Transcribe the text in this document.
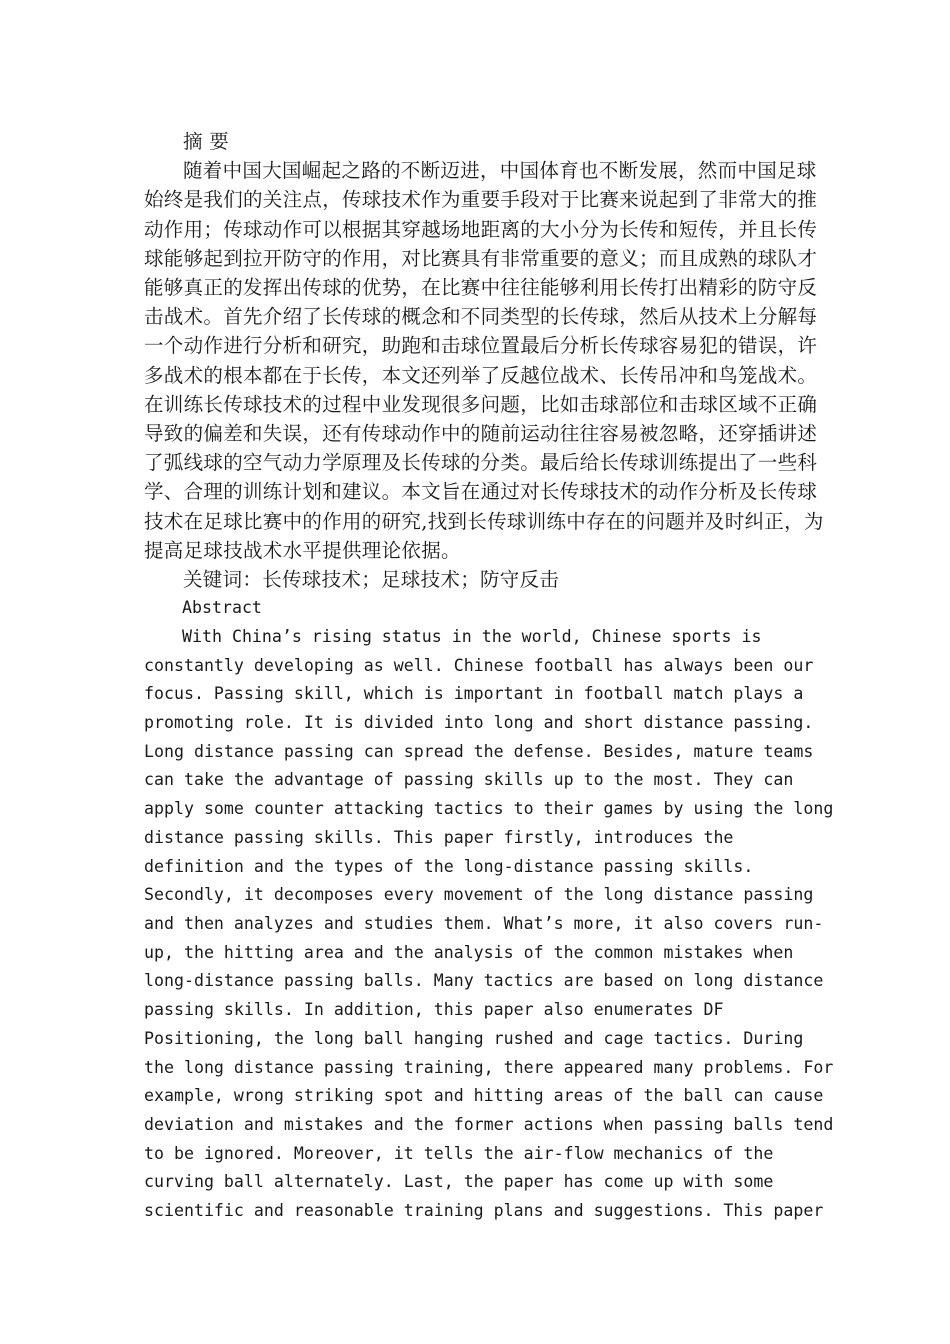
摘 要

随着中国大国崛起之路的不断迈进，中国体育也不断发展，然而中国足球
始终是我们的关注点，传球技术作为重要手段对于比赛来说起到了非常大的推
动作用；传球动作可以根据其穿越场地距离的大小分为长传和短传，并且长传
球能够起到拉开防守的作用，对比赛具有非常重要的意义；而且成熟的球队才
能够真正的发挥出传球的优势，在比赛中往往能够利用长传打出精彩的防守反
击战术。首先介绍了长传球的概念和不同类型的长传球，然后从技术上分解每
一个动作进行分析和研究，助跑和击球位置最后分析长传球容易犯的错误，许
多战术的根本都在于长传，本文还列举了反越位战术、长传吊冲和鸟笼战术。
在训练长传球技术的过程中业发现很多问题，比如击球部位和击球区域不正确
导致的偏差和失误，还有传球动作中的随前运动往往容易被忽略，还穿插讲述
了弧线球的空气动力学原理及长传球的分类。最后给长传球训练提出了一些科
学、合理的训练计划和建议。本文旨在通过对长传球技术的动作分析及长传球
技术在足球比赛中的作用的研究,找到长传球训练中存在的问题并及时纠正，为
提高足球技战术水平提供理论依据。

关键词：长传球技术；足球技术；防守反击

Abstract

With China’s rising status in the world, Chinese sports is
constantly developing as well. Chinese football has always been our
focus. Passing skill, which is important in football match plays a
promoting role. It is divided into long and short distance passing.
Long distance passing can spread the defense. Besides, mature teams
can take the advantage of passing skills up to the most. They can
apply some counter attacking tactics to their games by using the long
distance passing skills. This paper firstly, introduces the
definition and the types of the long-distance passing skills.
Secondly, it decomposes every movement of the long distance passing
and then analyzes and studies them. What’s more, it also covers run-
up, the hitting area and the analysis of the common mistakes when
long-distance passing balls. Many tactics are based on long distance
passing skills. In addition, this paper also enumerates DF
Positioning, the long ball hanging rushed and cage tactics. During
the long distance passing training, there appeared many problems. For
example, wrong striking spot and hitting areas of the ball can cause
deviation and mistakes and the former actions when passing balls tend
to be ignored. Moreover, it tells the air-flow mechanics of the
curving ball alternately. Last, the paper has come up with some
scientific and reasonable training plans and suggestions. This paper
